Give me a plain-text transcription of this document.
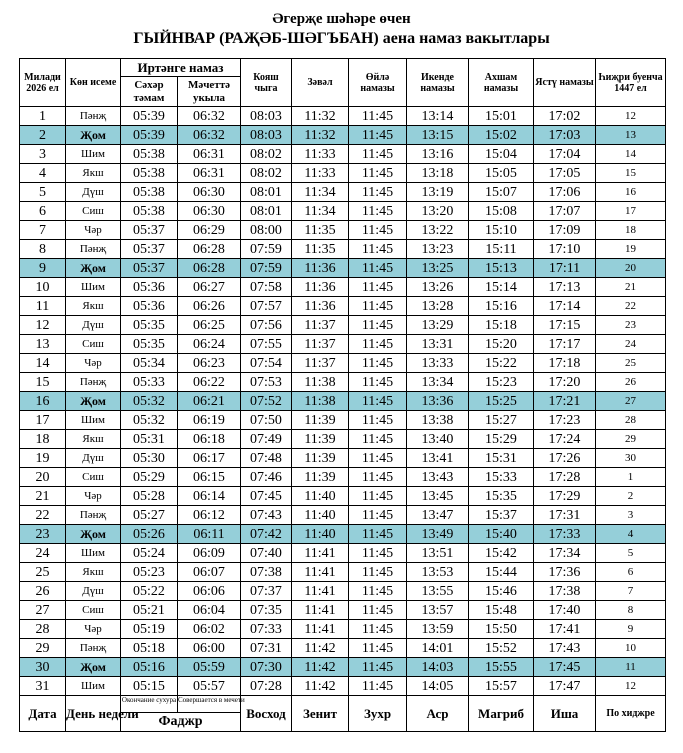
Әгерҗе шәһәре өчен
ГЫЙНВАР (РАҖӘБ-ШӘГЪБАН) аена намаз вакытлары
Милади 2026 ел	Көн исеме	Иртәнге намаз		Кояш чыга	Зәвәл	Өйлә намазы	Икенде намазы	Ахшам намазы	Ястү намазы	Һиҗри буенча 1447 ел
		Сәхәр тәмам	Мәчеттә укыла							
1	Пәнҗ	05:39	06:32	08:03	11:32	11:45	13:14	15:01	17:02	12
2	Җом	05:39	06:32	08:03	11:32	11:45	13:15	15:02	17:03	13
3	Шим	05:38	06:31	08:02	11:33	11:45	13:16	15:04	17:04	14
4	Якш	05:38	06:31	08:02	11:33	11:45	13:18	15:05	17:05	15
5	Дүш	05:38	06:30	08:01	11:34	11:45	13:19	15:07	17:06	16
6	Сиш	05:38	06:30	08:01	11:34	11:45	13:20	15:08	17:07	17
7	Чәр	05:37	06:29	08:00	11:35	11:45	13:22	15:10	17:09	18
8	Пәнҗ	05:37	06:28	07:59	11:35	11:45	13:23	15:11	17:10	19
9	Җом	05:37	06:28	07:59	11:36	11:45	13:25	15:13	17:11	20
10	Шим	05:36	06:27	07:58	11:36	11:45	13:26	15:14	17:13	21
11	Якш	05:36	06:26	07:57	11:36	11:45	13:28	15:16	17:14	22
12	Дүш	05:35	06:25	07:56	11:37	11:45	13:29	15:18	17:15	23
13	Сиш	05:35	06:24	07:55	11:37	11:45	13:31	15:20	17:17	24
14	Чәр	05:34	06:23	07:54	11:37	11:45	13:33	15:22	17:18	25
15	Пәнҗ	05:33	06:22	07:53	11:38	11:45	13:34	15:23	17:20	26
16	Җом	05:32	06:21	07:52	11:38	11:45	13:36	15:25	17:21	27
17	Шим	05:32	06:19	07:50	11:39	11:45	13:38	15:27	17:23	28
18	Якш	05:31	06:18	07:49	11:39	11:45	13:40	15:29	17:24	29
19	Дүш	05:30	06:17	07:48	11:39	11:45	13:41	15:31	17:26	30
20	Сиш	05:29	06:15	07:46	11:39	11:45	13:43	15:33	17:28	1
21	Чәр	05:28	06:14	07:45	11:40	11:45	13:45	15:35	17:29	2
22	Пәнҗ	05:27	06:12	07:43	11:40	11:45	13:47	15:37	17:31	3
23	Җом	05:26	06:11	07:42	11:40	11:45	13:49	15:40	17:33	4
24	Шим	05:24	06:09	07:40	11:41	11:45	13:51	15:42	17:34	5
25	Якш	05:23	06:07	07:38	11:41	11:45	13:53	15:44	17:36	6
26	Дүш	05:22	06:06	07:37	11:41	11:45	13:55	15:46	17:38	7
27	Сиш	05:21	06:04	07:35	11:41	11:45	13:57	15:48	17:40	8
28	Чәр	05:19	06:02	07:33	11:41	11:45	13:59	15:50	17:41	9
29	Пәнҗ	05:18	06:00	07:31	11:42	11:45	14:01	15:52	17:43	10
30	Җом	05:16	05:59	07:30	11:42	11:45	14:03	15:55	17:45	11
31	Шим	05:15	05:57	07:28	11:42	11:45	14:05	15:57	17:47	12
Дата	День недели	Окончание сухура	Совершается в мечети	Восход	Зенит	Зухр	Аср	Магриб	Иша	По хиджре
		Фаджр								
